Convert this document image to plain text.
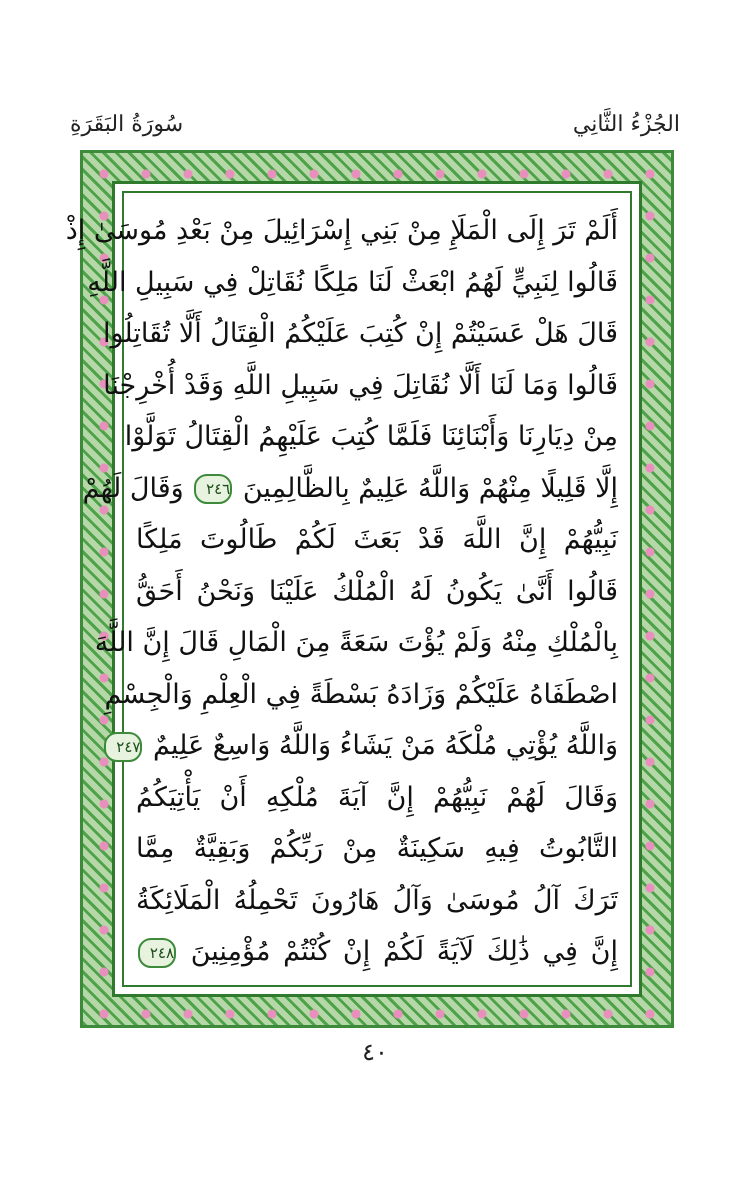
سُورَةُ البَقَرَةِ	الجُزْءُ الثَّانِي
أَلَمْ تَرَ إِلَى الْمَلَإِ مِنْ بَنِي إِسْرَائِيلَ مِنْ بَعْدِ مُوسَىٰ إِذْ
قَالُوا لِنَبِيٍّ لَهُمُ ابْعَثْ لَنَا مَلِكًا نُقَاتِلْ فِي سَبِيلِ اللَّهِ
قَالَ هَلْ عَسَيْتُمْ إِنْ كُتِبَ عَلَيْكُمُ الْقِتَالُ أَلَّا تُقَاتِلُوا
قَالُوا وَمَا لَنَا أَلَّا نُقَاتِلَ فِي سَبِيلِ اللَّهِ وَقَدْ أُخْرِجْنَا
مِنْ دِيَارِنَا وَأَبْنَائِنَا فَلَمَّا كُتِبَ عَلَيْهِمُ الْقِتَالُ تَوَلَّوْا
إِلَّا قَلِيلًا مِنْهُمْ وَاللَّهُ عَلِيمٌ بِالظَّالِمِينَ ٢٤٦ وَقَالَ لَهُمْ
نَبِيُّهُمْ إِنَّ اللَّهَ قَدْ بَعَثَ لَكُمْ طَالُوتَ مَلِكًا
قَالُوا أَنَّىٰ يَكُونُ لَهُ الْمُلْكُ عَلَيْنَا وَنَحْنُ أَحَقُّ
بِالْمُلْكِ مِنْهُ وَلَمْ يُؤْتَ سَعَةً مِنَ الْمَالِ قَالَ إِنَّ اللَّهَ
اصْطَفَاهُ عَلَيْكُمْ وَزَادَهُ بَسْطَةً فِي الْعِلْمِ وَالْجِسْمِ
وَاللَّهُ يُؤْتِي مُلْكَهُ مَنْ يَشَاءُ وَاللَّهُ وَاسِعٌ عَلِيمٌ ٢٤٧
وَقَالَ لَهُمْ نَبِيُّهُمْ إِنَّ آيَةَ مُلْكِهِ أَنْ يَأْتِيَكُمُ
التَّابُوتُ فِيهِ سَكِينَةٌ مِنْ رَبِّكُمْ وَبَقِيَّةٌ مِمَّا
تَرَكَ آلُ مُوسَىٰ وَآلُ هَارُونَ تَحْمِلُهُ الْمَلَائِكَةُ
إِنَّ فِي ذَٰلِكَ لَآيَةً لَكُمْ إِنْ كُنْتُمْ مُؤْمِنِينَ ٢٤٨
٤٠
